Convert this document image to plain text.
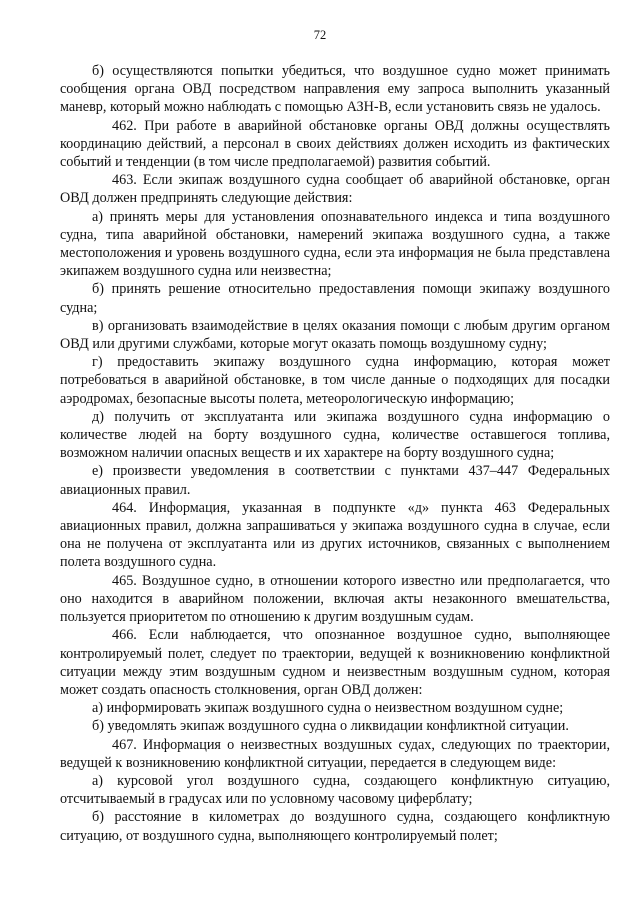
72

б) осуществляются попытки убедиться, что воздушное судно может принимать сообщения органа ОВД посредством направления ему запроса выполнить указанный маневр, который можно наблюдать с помощью АЗН-В, если установить связь не удалось.

462. При работе в аварийной обстановке органы ОВД должны осуществлять координацию действий, а персонал в своих действиях должен исходить из фактических событий и тенденции (в том числе предполагаемой) развития событий.

463. Если экипаж воздушного судна сообщает об аварийной обстановке, орган ОВД должен предпринять следующие действия:

а) принять меры для установления опознавательного индекса и типа воздушного судна, типа аварийной обстановки, намерений экипажа воздушного судна, а также местоположения и уровень воздушного судна, если эта информация не была представлена экипажем воздушного судна или неизвестна;

б) принять решение относительно предоставления помощи экипажу воздушного судна;

в) организовать взаимодействие в целях оказания помощи с любым другим органом ОВД или другими службами, которые могут оказать помощь воздушному судну;

г) предоставить экипажу воздушного судна информацию, которая может потребоваться в аварийной обстановке, в том числе данные о подходящих для посадки аэродромах, безопасные высоты полета, метеорологическую информацию;

д) получить от эксплуатанта или экипажа воздушного судна информацию о количестве людей на борту воздушного судна, количестве оставшегося топлива, возможном наличии опасных веществ и их характере на борту воздушного судна;

е) произвести уведомления в соответствии с пунктами 437–447 Федеральных авиационных правил.

464. Информация, указанная в подпункте «д» пункта 463 Федеральных авиационных правил, должна запрашиваться у экипажа воздушного судна в случае, если она не получена от эксплуатанта или из других источников, связанных с выполнением полета воздушного судна.

465. Воздушное судно, в отношении которого известно или предполагается, что оно находится в аварийном положении, включая акты незаконного вмешательства, пользуется приоритетом по отношению к другим воздушным судам.

466. Если наблюдается, что опознанное воздушное судно, выполняющее контролируемый полет, следует по траектории, ведущей к возникновению конфликтной ситуации между этим воздушным судном и неизвестным воздушным судном, которая может создать опасность столкновения, орган ОВД должен:

а) информировать экипаж воздушного судна о неизвестном воздушном судне;

б) уведомлять экипаж воздушного судна о ликвидации конфликтной ситуации.

467. Информация о неизвестных воздушных судах, следующих по траектории, ведущей к возникновению конфликтной ситуации, передается в следующем виде:

а) курсовой угол воздушного судна, создающего конфликтную ситуацию, отсчитываемый в градусах или по условному часовому циферблату;

б) расстояние в километрах до воздушного судна, создающего конфликтную ситуацию, от воздушного судна, выполняющего контролируемый полет;
